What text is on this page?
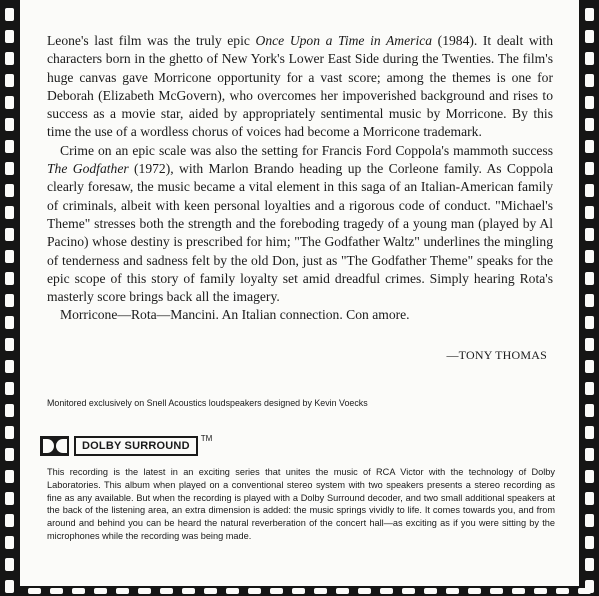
Leone's last film was the truly epic Once Upon a Time in America (1984). It dealt with characters born in the ghetto of New York's Lower East Side during the Twenties. The film's huge canvas gave Morricone opportunity for a vast score; among the themes is one for Deborah (Elizabeth McGovern), who overcomes her impoverished background and rises to success as a movie star, aided by appropriately sentimental music by Morricone. By this time the use of a wordless chorus of voices had become a Morricone trademark.

Crime on an epic scale was also the setting for Francis Ford Coppola's mammoth success The Godfather (1972), with Marlon Brando heading up the Corleone family. As Coppola clearly foresaw, the music became a vital element in this saga of an Italian-American family of criminals, albeit with keen personal loyalties and a rigorous code of conduct. "Michael's Theme" stresses both the strength and the foreboding tragedy of a young man (played by Al Pacino) whose destiny is prescribed for him; "The Godfather Waltz" underlines the mingling of tenderness and sadness felt by the old Don, just as "The Godfather Theme" speaks for the epic scope of this story of family loyalty set amid dreadful crimes. Simply hearing Rota's masterly score brings back all the imagery.

Morricone—Rota—Mancini. An Italian connection. Con amore.

—TONY THOMAS
Monitored exclusively on Snell Acoustics loudspeakers designed by Kevin Voecks
DOLBY SURROUND
TM
This recording is the latest in an exciting series that unites the music of RCA Victor with the technology of Dolby Laboratories. This album when played on a conventional stereo system with two speakers presents a stereo recording as fine as any available. But when the recording is played with a Dolby Surround decoder, and two small additional speakers at the back of the listening area, an extra dimension is added: the music springs vividly to life. It comes towards you, and from around and behind you can be heard the natural reverberation of the concert hall—as exciting as if you were sitting by the microphones while the recording was being made.
